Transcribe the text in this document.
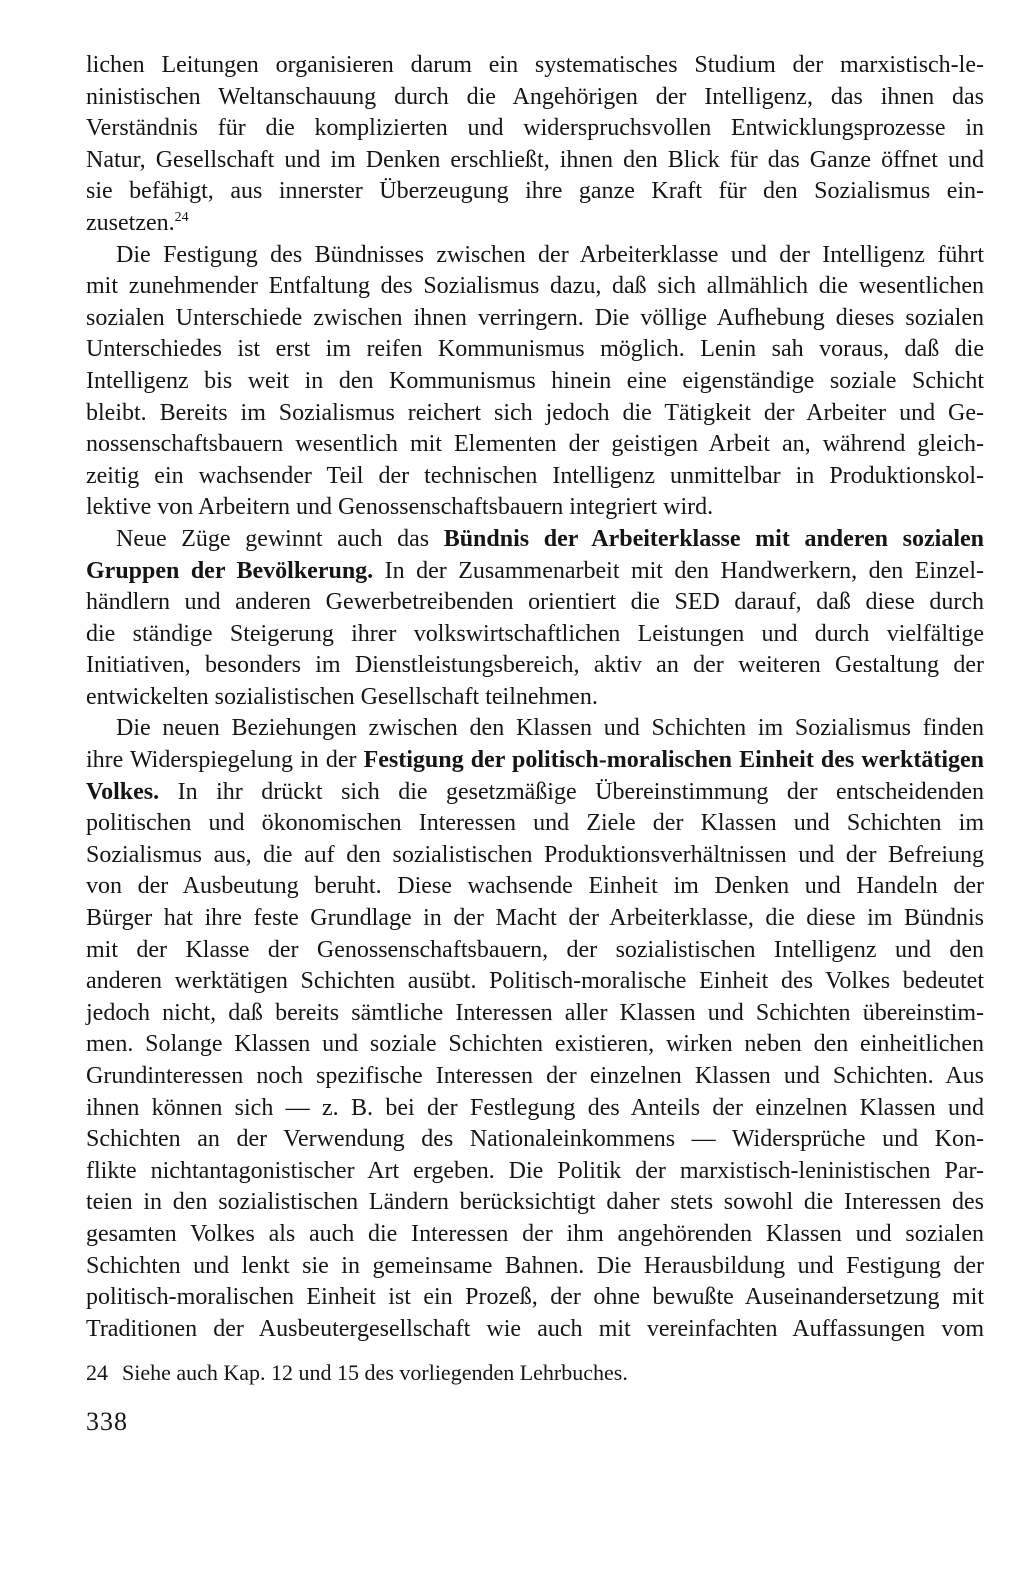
lichen Leitungen organisieren darum ein systematisches Studium der marxistisch-le-
ninistischen Weltanschauung durch die Angehörigen der Intelligenz, das ihnen das
Verständnis für die komplizierten und widerspruchsvollen Entwicklungsprozesse in
Natur, Gesellschaft und im Denken erschließt, ihnen den Blick für das Ganze öffnet und
sie befähigt, aus innerster Überzeugung ihre ganze Kraft für den Sozialismus ein-
zusetzen.$^{24}$
Die Festigung des Bündnisses zwischen der Arbeiterklasse und der Intelligenz führt
mit zunehmender Entfaltung des Sozialismus dazu, daß sich allmählich die wesentlichen
sozialen Unterschiede zwischen ihnen verringern. Die völlige Aufhebung dieses sozialen
Unterschiedes ist erst im reifen Kommunismus möglich. Lenin sah voraus, daß die
Intelligenz bis weit in den Kommunismus hinein eine eigenständige soziale Schicht
bleibt. Bereits im Sozialismus reichert sich jedoch die Tätigkeit der Arbeiter und Ge-
nossenschaftsbauern wesentlich mit Elementen der geistigen Arbeit an, während gleich-
zeitig ein wachsender Teil der technischen Intelligenz unmittelbar in Produktionskol-
lektive von Arbeitern und Genossenschaftsbauern integriert wird.
Neue Züge gewinnt auch das Bündnis der Arbeiterklasse mit anderen sozialen
Gruppen der Bevölkerung. In der Zusammenarbeit mit den Handwerkern, den Einzel-
händlern und anderen Gewerbetreibenden orientiert die SED darauf, daß diese durch
die ständige Steigerung ihrer volkswirtschaftlichen Leistungen und durch vielfältige
Initiativen, besonders im Dienstleistungsbereich, aktiv an der weiteren Gestaltung der
entwickelten sozialistischen Gesellschaft teilnehmen.
Die neuen Beziehungen zwischen den Klassen und Schichten im Sozialismus finden
ihre Widerspiegelung in der Festigung der politisch-moralischen Einheit des werktätigen
Volkes. In ihr drückt sich die gesetzmäßige Übereinstimmung der entscheidenden
politischen und ökonomischen Interessen und Ziele der Klassen und Schichten im
Sozialismus aus, die auf den sozialistischen Produktionsverhältnissen und der Befreiung
von der Ausbeutung beruht. Diese wachsende Einheit im Denken und Handeln der
Bürger hat ihre feste Grundlage in der Macht der Arbeiterklasse, die diese im Bündnis
mit der Klasse der Genossenschaftsbauern, der sozialistischen Intelligenz und den
anderen werktätigen Schichten ausübt. Politisch-moralische Einheit des Volkes bedeutet
jedoch nicht, daß bereits sämtliche Interessen aller Klassen und Schichten übereinstim-
men. Solange Klassen und soziale Schichten existieren, wirken neben den einheitlichen
Grundinteressen noch spezifische Interessen der einzelnen Klassen und Schichten. Aus
ihnen können sich — z. B. bei der Festlegung des Anteils der einzelnen Klassen und
Schichten an der Verwendung des Nationaleinkommens — Widersprüche und Kon-
flikte nichtantagonistischer Art ergeben. Die Politik der marxistisch-leninistischen Par-
teien in den sozialistischen Ländern berücksichtigt daher stets sowohl die Interessen des
gesamten Volkes als auch die Interessen der ihm angehörenden Klassen und sozialen
Schichten und lenkt sie in gemeinsame Bahnen. Die Herausbildung und Festigung der
politisch-moralischen Einheit ist ein Prozeß, der ohne bewußte Auseinandersetzung mit
Traditionen der Ausbeutergesellschaft wie auch mit vereinfachten Auffassungen vom
24 Siehe auch Kap. 12 und 15 des vorliegenden Lehrbuches.
338
